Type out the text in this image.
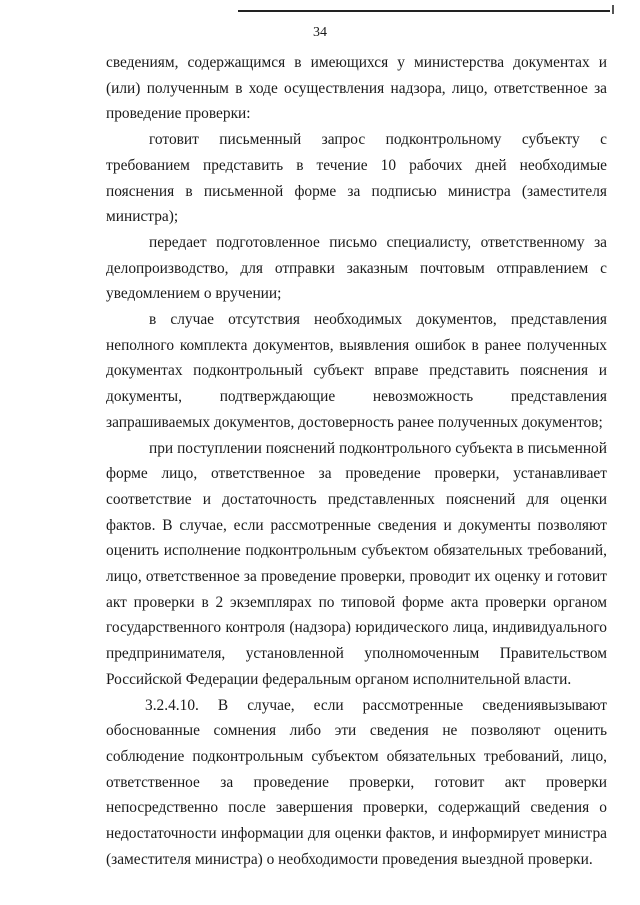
34

сведениям, содержащимся в имеющихся у министерства документах и (или) полученным в ходе осуществления надзора, лицо, ответственное за проведение проверки:

готовит письменный запрос подконтрольному субъекту с требованием представить в течение 10 рабочих дней необходимые пояснения в письменной форме за подписью министра (заместителя министра);

передает подготовленное письмо специалисту, ответственному за делопроизводство, для отправки заказным почтовым отправлением с уведомлением о вручении;

в случае отсутствия необходимых документов, представления неполного комплекта документов, выявления ошибок в ранее полученных документах подконтрольный субъект вправе представить пояснения и документы, подтверждающие невозможность представления запрашиваемых документов, достоверность ранее полученных документов;

при поступлении пояснений подконтрольного субъекта в письменной форме лицо, ответственное за проведение проверки, устанавливает соответствие и достаточность представленных пояснений для оценки фактов. В случае, если рассмотренные сведения и документы позволяют оценить исполнение подконтрольным субъектом обязательных требований, лицо, ответственное за проведение проверки, проводит их оценку и готовит акт проверки в 2 экземплярах по типовой форме акта проверки органом государственного контроля (надзора) юридического лица, индивидуального предпринимателя, установленной уполномоченным Правительством Российской Федерации федеральным органом исполнительной власти.

3.2.4.10. В случае, если рассмотренные сведениявызывают обоснованные сомнения либо эти сведения не позволяют оценить соблюдение подконтрольным субъектом обязательных требований, лицо, ответственное за проведение проверки, готовит акт проверки непосредственно после завершения проверки, содержащий сведения о недостаточности информации для оценки фактов, и информирует министра (заместителя министра) о необходимости проведения выездной проверки.
